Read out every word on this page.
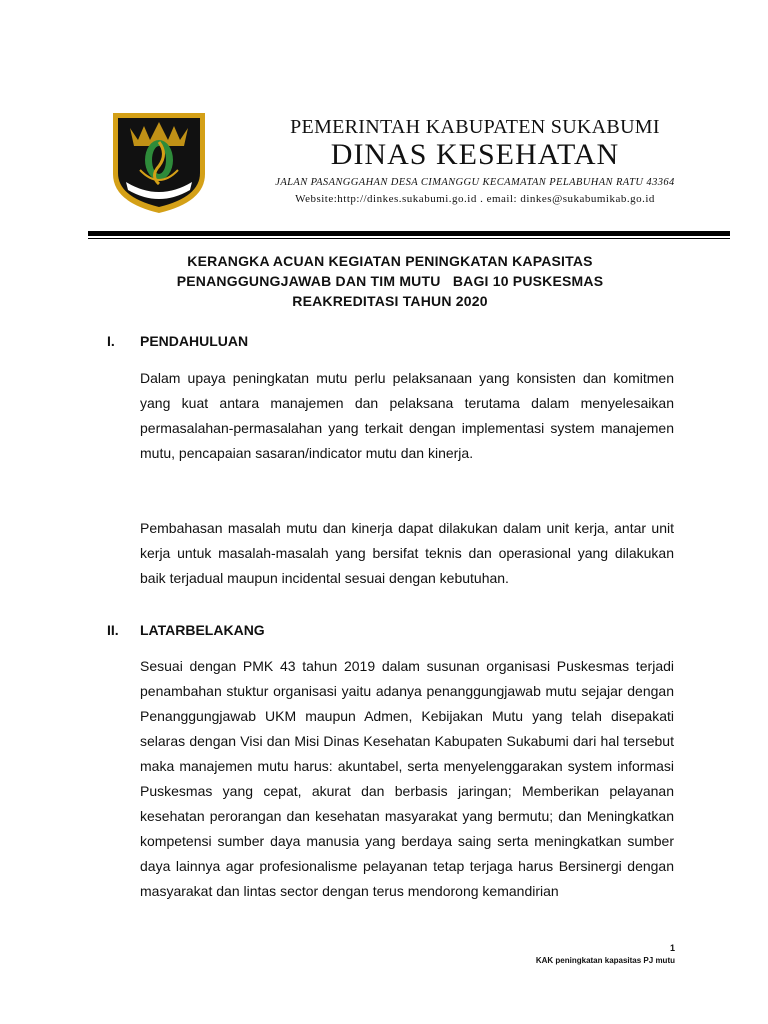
PEMERINTAH KABUPATEN SUKABUMI
DINAS KESEHATAN
JALAN PASANGGAHAN DESA CIMANGGU KECAMATAN PELABUHAN RATU 43364
Website:http://dinkes.sukabumi.go.id . email: dinkes@sukabumikab.go.id
KERANGKA ACUAN KEGIATAN PENINGKATAN KAPASITAS
PENANGGUNGJAWAB DAN TIM MUTU   BAGI 10 PUSKESMAS
REAKREDITASI TAHUN 2020
I. PENDAHULUAN

Dalam upaya peningkatan mutu perlu pelaksanaan yang konsisten dan komitmen yang kuat antara manajemen dan pelaksana terutama dalam menyelesaikan permasalahan-permasalahan yang terkait dengan implementasi system manajemen mutu, pencapaian sasaran/indicator mutu dan kinerja.

Pembahasan masalah mutu dan kinerja dapat dilakukan dalam unit kerja, antar unit kerja untuk masalah-masalah yang bersifat teknis dan operasional yang dilakukan baik terjadual maupun incidental sesuai dengan kebutuhan.

II. LATARBELAKANG

Sesuai dengan PMK 43 tahun 2019 dalam susunan organisasi Puskesmas terjadi penambahan stuktur organisasi yaitu adanya penanggungjawab mutu sejajar dengan Penanggungjawab UKM maupun Admen, Kebijakan Mutu yang telah disepakati selaras dengan Visi dan Misi Dinas Kesehatan Kabupaten Sukabumi dari hal tersebut maka manajemen mutu harus: akuntabel, serta menyelenggarakan system informasi Puskesmas yang cepat, akurat dan berbasis jaringan; Memberikan pelayanan kesehatan perorangan dan kesehatan masyarakat yang bermutu; dan Meningkatkan kompetensi sumber daya manusia yang berdaya saing serta meningkatkan sumber daya lainnya agar profesionalisme pelayanan tetap terjaga harus Bersinergi dengan masyarakat dan lintas sector dengan terus mendorong kemandirian

1
KAK peningkatan kapasitas PJ mutu
